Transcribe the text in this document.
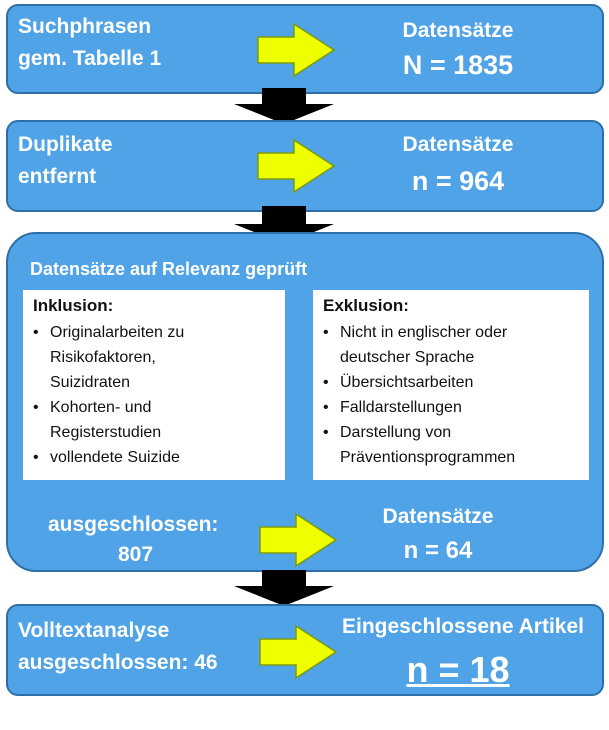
Suchphrasen
gem. Tabelle 1
Datensätze
N = 1835
Duplikate
entfernt
Datensätze
n = 964
Datensätze auf Relevanz geprüft
Inklusion:
• Originalarbeiten zu
Risikofaktoren,
Suizidraten
• Kohorten- und
Registerstudien
• vollendete Suizide
Exklusion:
• Nicht in englischer oder
deutscher Sprache
• Übersichtsarbeiten
• Falldarstellungen
• Darstellung von
Präventionsprogrammen
ausgeschlossen:
807
Datensätze
n = 64
Volltextanalyse
ausgeschlossen: 46
Eingeschlossene Artikel
n = 18
